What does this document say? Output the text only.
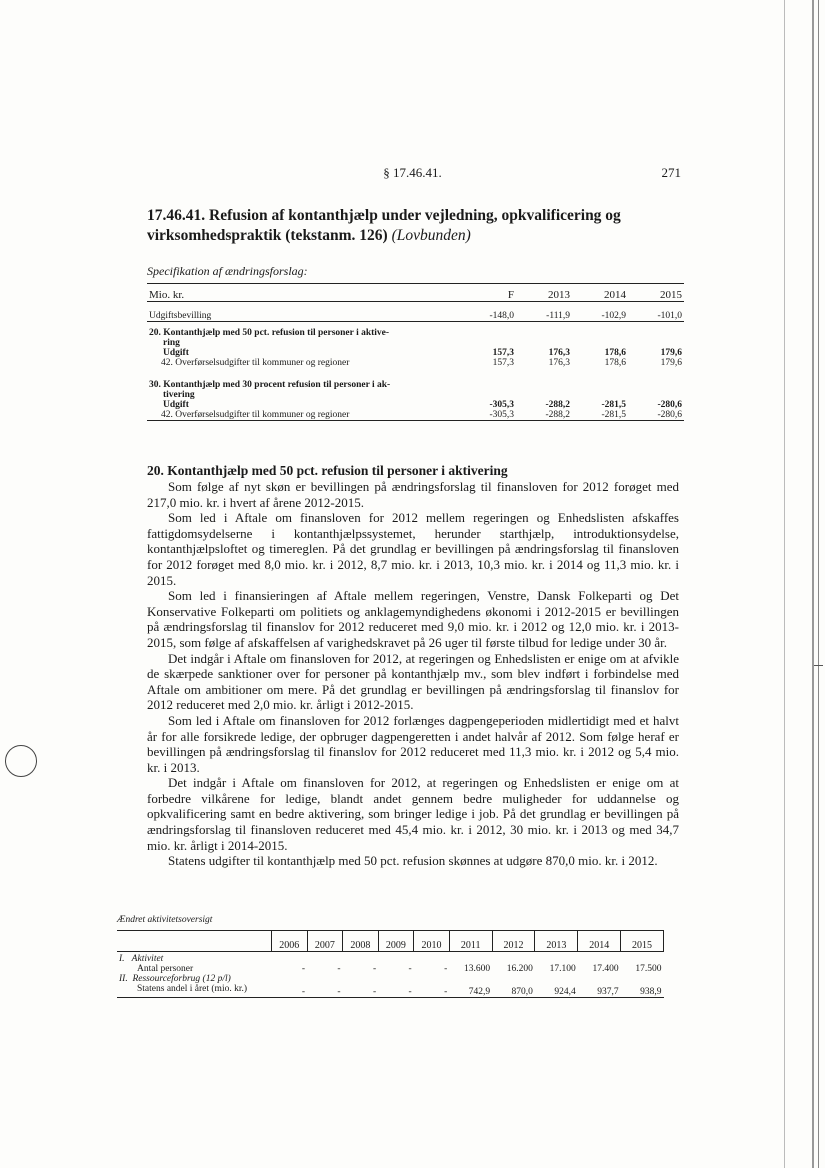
§ 17.46.41.	271
17.46.41. Refusion af kontanthjælp under vejledning, opkvalificering og virksomhedspraktik (tekstanm. 126) (Lovbunden)
Specifikation af ændringsforslag:
Mio. kr.	F	2013	2014	2015
Udgiftsbevilling	-148,0	-111,9	-102,9	-101,0
20. Kontanthjælp med 50 pct. refusion til personer i aktive-				
ring				
Udgift	157,3	176,3	178,6	179,6
42. Overførselsudgifter til kommuner og regioner	157,3	176,3	178,6	179,6
30. Kontanthjælp med 30 procent refusion til personer i ak-				
tivering				
Udgift	-305,3	-288,2	-281,5	-280,6
42. Overførselsudgifter til kommuner og regioner	-305,3	-288,2	-281,5	-280,6
20. Kontanthjælp med 50 pct. refusion til personer i aktivering

Som følge af nyt skøn er bevillingen på ændringsforslag til finansloven for 2012 forøget med 217,0 mio. kr. i hvert af årene 2012-2015.

Som led i Aftale om finansloven for 2012 mellem regeringen og Enhedslisten afskaffes fattigdomsydelserne i kontanthjælpssystemet, herunder starthjælp, introduktionsydelse, kontanthjælpsloftet og timereglen. På det grundlag er bevillingen på ændringsforslag til finansloven for 2012 forøget med 8,0 mio. kr. i 2012, 8,7 mio. kr. i 2013, 10,3 mio. kr. i 2014 og 11,3 mio. kr. i 2015.

Som led i finansieringen af Aftale mellem regeringen, Venstre, Dansk Folkeparti og Det Konservative Folkeparti om politiets og anklagemyndighedens økonomi i 2012-2015 er bevillingen på ændringsforslag til finanslov for 2012 reduceret med 9,0 mio. kr. i 2012 og 12,0 mio. kr. i 2013-2015, som følge af afskaffelsen af varighedskravet på 26 uger til første tilbud for ledige under 30 år.

Det indgår i Aftale om finansloven for 2012, at regeringen og Enhedslisten er enige om at afvikle de skærpede sanktioner over for personer på kontanthjælp mv., som blev indført i forbindelse med Aftale om ambitioner om mere. På det grundlag er bevillingen på ændringsforslag til finanslov for 2012 reduceret med 2,0 mio. kr. årligt i 2012-2015.

Som led i Aftale om finansloven for 2012 forlænges dagpengeperioden midlertidigt med et halvt år for alle forsikrede ledige, der opbruger dagpengeretten i andet halvår af 2012. Som følge heraf er bevillingen på ændringsforslag til finanslov for 2012 reduceret med 11,3 mio. kr. i 2012 og 5,4 mio. kr. i 2013.

Det indgår i Aftale om finansloven for 2012, at regeringen og Enhedslisten er enige om at forbedre vilkårene for ledige, blandt andet gennem bedre muligheder for uddannelse og opkvalificering samt en bedre aktivering, som bringer ledige i job. På det grundlag er bevillingen på ændringsforslag til finansloven reduceret med 45,4 mio. kr. i 2012, 30 mio. kr. i 2013 og med 34,7 mio. kr. årligt i 2014-2015.

Statens udgifter til kontanthjælp med 50 pct. refusion skønnes at udgøre 870,0 mio. kr. i 2012.

Ændret aktivitetsoversigt
	2006	2007	2008	2009	2010	2011	2012	2013	2014	2015
I. Aktivitet										
Antal personer	-	-	-	-	-	13.600	16.200	17.100	17.400	17.500
II. Ressourceforbrug (12 p/l)										
Statens andel i året (mio. kr.)	-	-	-	-	-	742,9	870,0	924,4	937,7	938,9
